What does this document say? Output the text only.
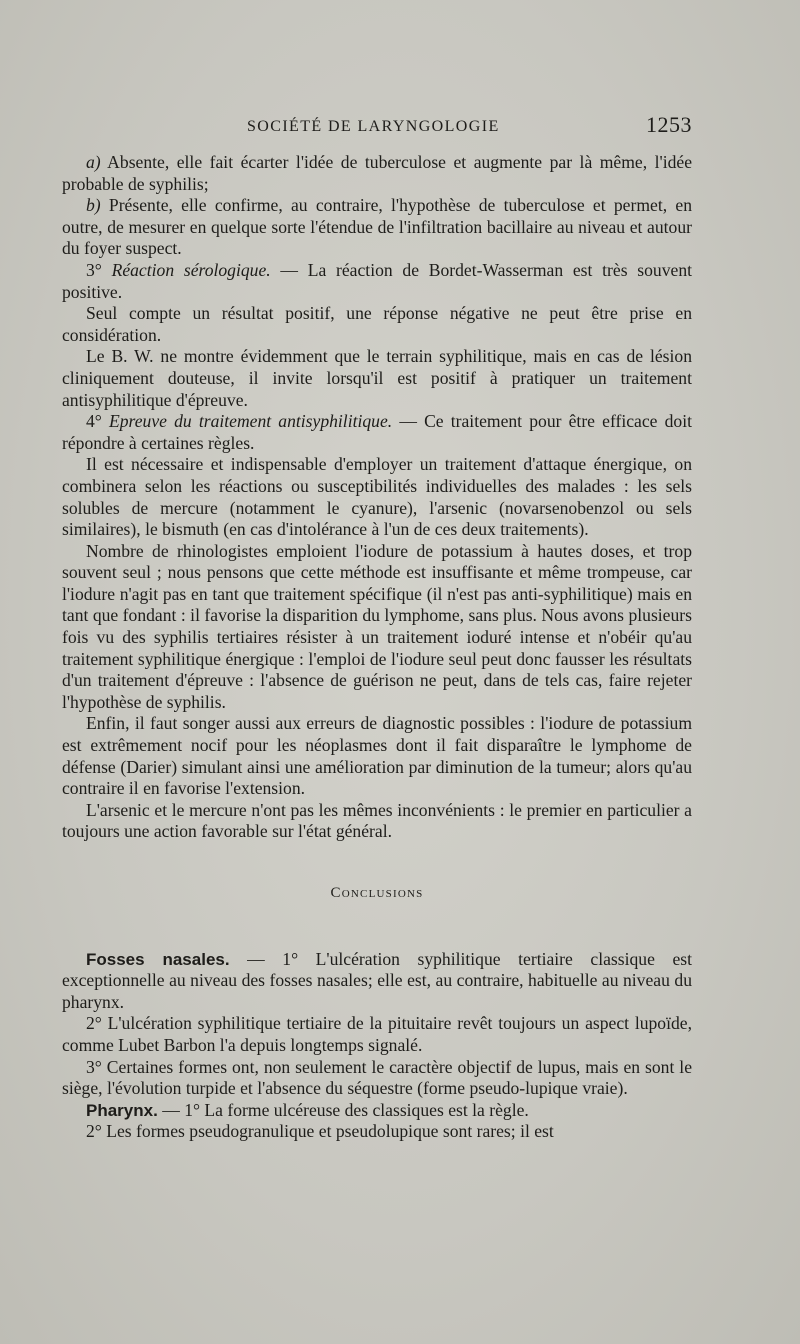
SOCIÉTÉ DE LARYNGOLOGIE	1253

a) Absente, elle fait écarter l'idée de tuberculose et augmente par là même, l'idée probable de syphilis;

b) Présente, elle confirme, au contraire, l'hypothèse de tuberculose et permet, en outre, de mesurer en quelque sorte l'étendue de l'infiltration bacillaire au niveau et autour du foyer suspect.

3° Réaction sérologique. — La réaction de Bordet-Wasserman est très souvent positive.

Seul compte un résultat positif, une réponse négative ne peut être prise en considération.

Le B. W. ne montre évidemment que le terrain syphilitique, mais en cas de lésion cliniquement douteuse, il invite lorsqu'il est positif à pratiquer un traitement antisyphilitique d'épreuve.

4° Epreuve du traitement antisyphilitique. — Ce traitement pour être efficace doit répondre à certaines règles.

Il est nécessaire et indispensable d'employer un traitement d'attaque énergique, on combinera selon les réactions ou susceptibilités individuelles des malades : les sels solubles de mercure (notamment le cyanure), l'arsenic (novarsenobenzol ou sels similaires), le bismuth (en cas d'intolérance à l'un de ces deux traitements).

Nombre de rhinologistes emploient l'iodure de potassium à hautes doses, et trop souvent seul ; nous pensons que cette méthode est insuffisante et même trompeuse, car l'iodure n'agit pas en tant que traitement spécifique (il n'est pas anti-syphilitique) mais en tant que fondant : il favorise la disparition du lymphome, sans plus. Nous avons plusieurs fois vu des syphilis tertiaires résister à un traitement ioduré intense et n'obéir qu'au traitement syphilitique énergique : l'emploi de l'iodure seul peut donc fausser les résultats d'un traitement d'épreuve : l'absence de guérison ne peut, dans de tels cas, faire rejeter l'hypothèse de syphilis.

Enfin, il faut songer aussi aux erreurs de diagnostic possibles : l'iodure de potassium est extrêmement nocif pour les néoplasmes dont il fait disparaître le lymphome de défense (Darier) simulant ainsi une amélioration par diminution de la tumeur; alors qu'au contraire il en favorise l'extension.

L'arsenic et le mercure n'ont pas les mêmes inconvénients : le premier en particulier a toujours une action favorable sur l'état général.

Conclusions

Fosses nasales. — 1° L'ulcération syphilitique tertiaire classique est exceptionnelle au niveau des fosses nasales; elle est, au contraire, habituelle au niveau du pharynx.

2° L'ulcération syphilitique tertiaire de la pituitaire revêt toujours un aspect lupoïde, comme Lubet Barbon l'a depuis longtemps signalé.

3° Certaines formes ont, non seulement le caractère objectif de lupus, mais en sont le siège, l'évolution turpide et l'absence du séquestre (forme pseudo-lupique vraie).

Pharynx. — 1° La forme ulcéreuse des classiques est la règle.

2° Les formes pseudogranulique et pseudolupique sont rares; il est
